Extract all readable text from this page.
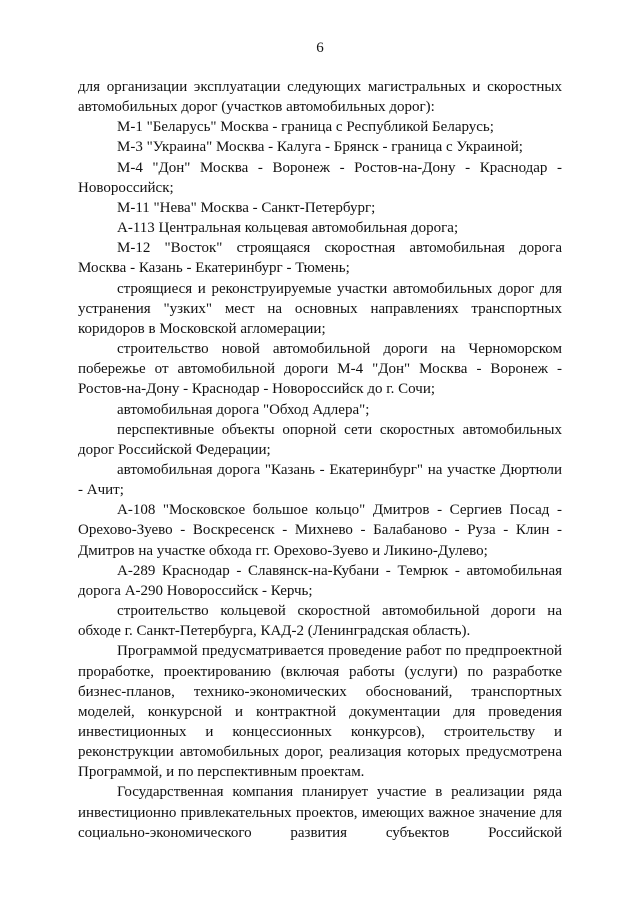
6

для организации эксплуатации следующих магистральных и скоростных автомобильных дорог (участков автомобильных дорог):

М-1 "Беларусь" Москва - граница с Республикой Беларусь;

М-3 "Украина" Москва - Калуга - Брянск - граница с Украиной;

М-4 "Дон" Москва - Воронеж - Ростов-на-Дону - Краснодар - Новороссийск;

М-11 "Нева" Москва - Санкт-Петербург;

А-113 Центральная кольцевая автомобильная дорога;

М-12 "Восток" строящаяся скоростная автомобильная дорога Москва - Казань - Екатеринбург - Тюмень;

строящиеся и реконструируемые участки автомобильных дорог для устранения "узких" мест на основных направлениях транспортных коридоров в Московской агломерации;

строительство новой автомобильной дороги на Черноморском побережье от автомобильной дороги М-4 "Дон" Москва - Воронеж - Ростов-на-Дону - Краснодар - Новороссийск до г. Сочи;

автомобильная дорога "Обход Адлера";

перспективные объекты опорной сети скоростных автомобильных дорог Российской Федерации;

автомобильная дорога "Казань - Екатеринбург" на участке Дюртюли - Ачит;

А-108 "Московское большое кольцо" Дмитров - Сергиев Посад - Орехово-Зуево - Воскресенск - Михнево - Балабаново - Руза - Клин - Дмитров на участке обхода гг. Орехово-Зуево и Ликино-Дулево;

А-289 Краснодар - Славянск-на-Кубани - Темрюк - автомобильная дорога А-290 Новороссийск - Керчь;

строительство кольцевой скоростной автомобильной дороги на обходе г. Санкт-Петербурга, КАД-2 (Ленинградская область).

Программой предусматривается проведение работ по предпроектной проработке, проектированию (включая работы (услуги) по разработке бизнес-планов, технико-экономических обоснований, транспортных моделей, конкурсной и контрактной документации для проведения инвестиционных и концессионных конкурсов), строительству и реконструкции автомобильных дорог, реализация которых предусмотрена Программой, и по перспективным проектам.

Государственная компания планирует участие в реализации ряда инвестиционно привлекательных проектов, имеющих важное значение для социально-экономического развития субъектов Российской
